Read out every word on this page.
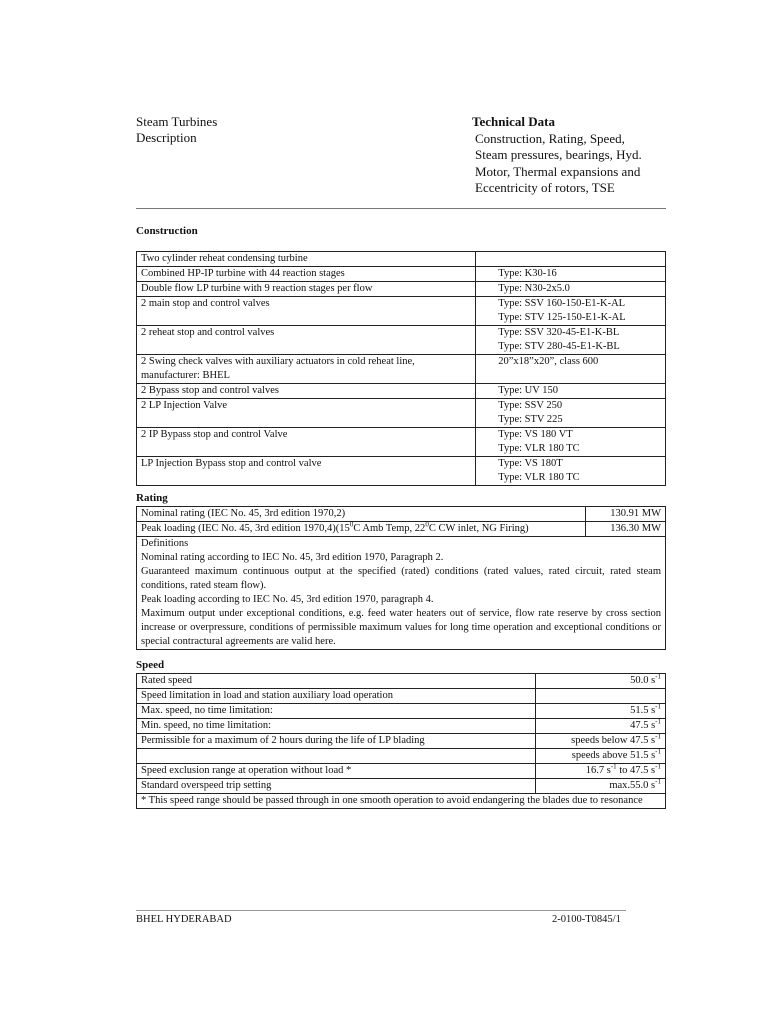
Steam Turbines
Description
Technical Data
Construction, Rating, Speed,
Steam pressures, bearings, Hyd.
Motor, Thermal expansions and
Eccentricity of rotors, TSE
Construction
Two cylinder reheat condensing turbine	
Combined HP-IP turbine with 44 reaction stages	Type: K30-16

Double flow LP turbine with 9 reaction stages per flow	Type: N30-2x5.0

2 main stop and control valves	Type: SSV 160-150-E1-K-AL
Type: STV 125-150-E1-K-AL

2 reheat stop and control valves	Type: SSV 320-45-E1-K-BL
Type: STV 280-45-E1-K-BL

2 Swing check valves with auxiliary actuators in cold reheat line, manufacturer: BHEL	20”x18”x20”, class 600

2 Bypass stop and control valves	Type: UV 150

2 LP Injection Valve	Type: SSV 250
Type: STV 225

2 IP Bypass stop and control Valve	Type: VS 180 VT
Type: VLR 180 TC

LP Injection Bypass stop and control valve	Type: VS 180T
Type: VLR 180 TC
Rating
Nominal rating (IEC No. 45, 3rd edition 1970,2)	130.91 MW
Peak loading (IEC No. 45, 3rd edition $1970,4)(15^0C$ Amb Temp, $22^0C$ CW inlet, NG Firing)	136.30 MW

Definitions
Nominal rating according to IEC No. 45, 3rd edition 1970, Paragraph 2.
Guaranteed maximum continuous output at the specified (rated) conditions (rated values, rated circuit, rated steam conditions, rated steam flow).
Peak loading according to IEC No. 45, 3rd edition 1970, paragraph 4.
Maximum output under exceptional conditions, e.g. feed water heaters out of service, flow rate reserve by cross section increase or overpressure, conditions of permissible maximum values for long time operation and exceptional conditions or special contractural agreements are valid here.	
Speed
Rated speed	50.0 $s^{-1}$
Speed limitation in load and station auxiliary load operation	
Max. speed, no time limitation:	51.5 $s^{-1}$
Min. speed, no time limitation:	47.5 $s^{-1}$
Permissible for a maximum of 2 hours during the life of LP blading	speeds below 47.5 $s^{-1}$
	speeds above 51.5 $s^{-1}$
Speed exclusion range at operation without load *	16.7 $s^{-1}$ to 47.5 $s^{-1}$
Standard overspeed trip setting	max.55.0 $s^{-1}$
* This speed range should be passed through in one smooth operation to avoid endangering the blades due to resonance	
BHEL HYDERABAD	2-0100-T0845/1
